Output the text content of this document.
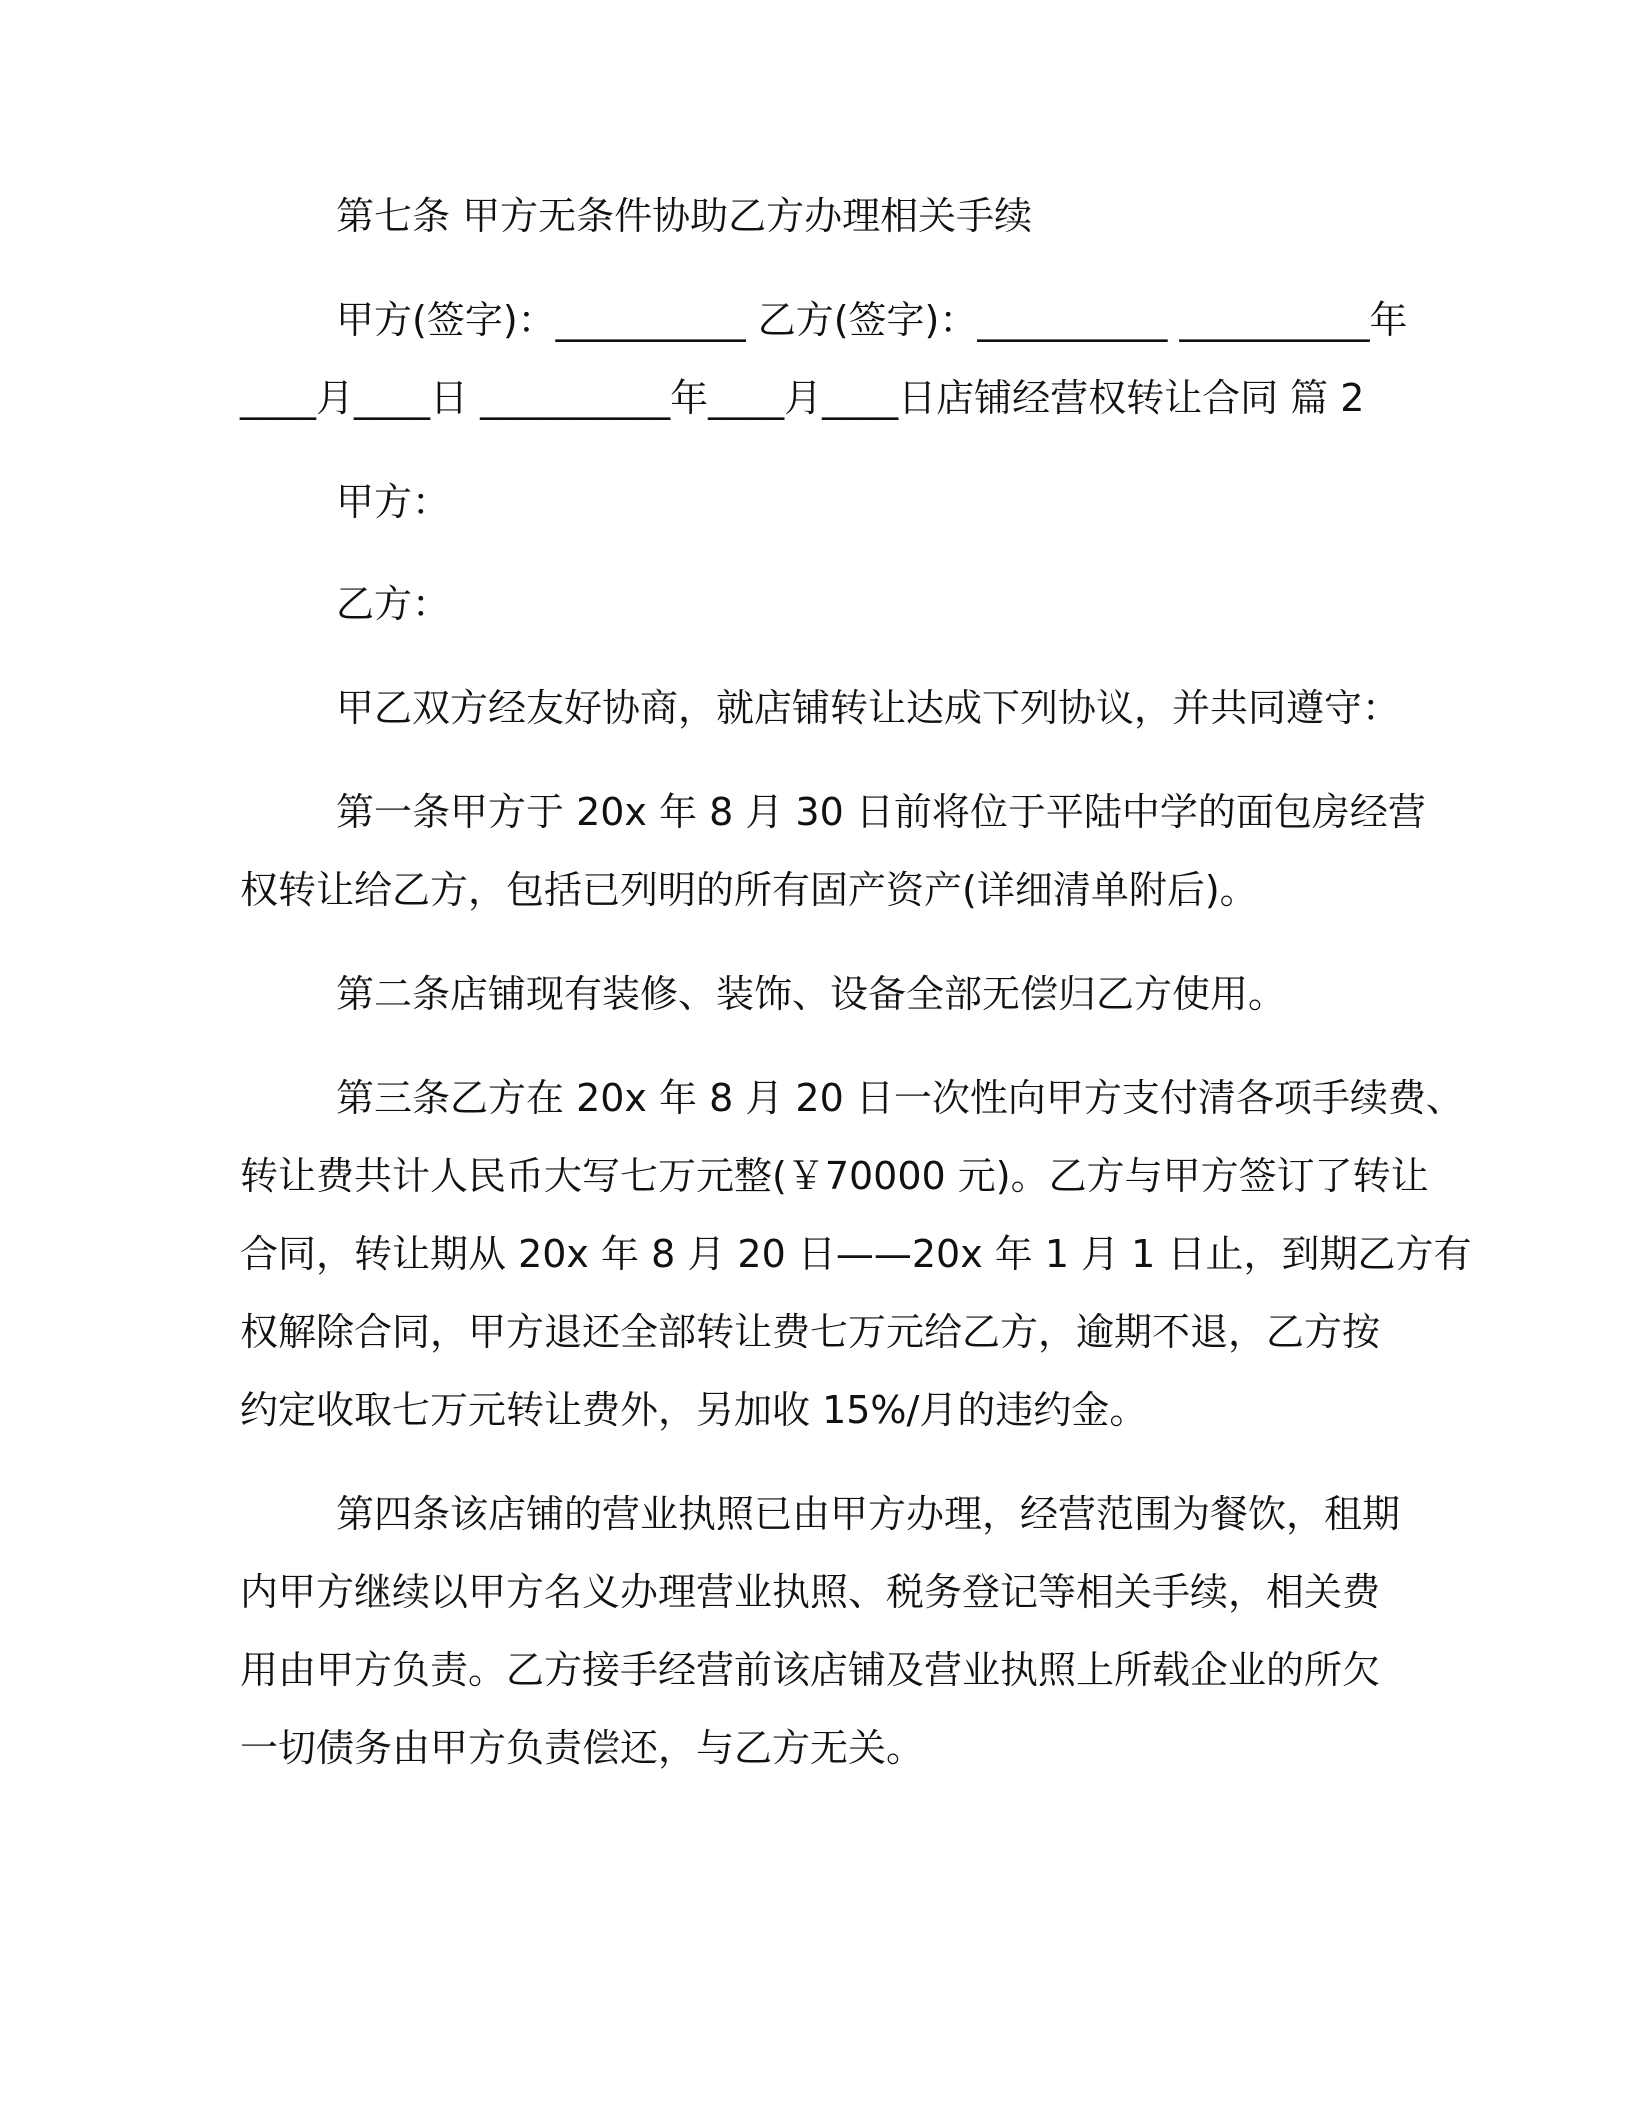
第七条 甲方无条件协助乙方办理相关手续
甲方(签字)：__________ 乙方(签字)：__________ __________年
____月____日 __________年____月____日店铺经营权转让合同 篇 2
甲方：
乙方：
甲乙双方经友好协商，就店铺转让达成下列协议，并共同遵守：
第一条甲方于 20x 年 8 月 30 日前将位于平陆中学的面包房经营
权转让给乙方，包括已列明的所有固产资产(详细清单附后)。
第二条店铺现有装修、装饰、设备全部无偿归乙方使用。
第三条乙方在 20x 年 8 月 20 日一次性向甲方支付清各项手续费、
转让费共计人民币大写七万元整(￥70000 元)。乙方与甲方签订了转让
合同，转让期从 20x 年 8 月 20 日——20x 年 1 月 1 日止，到期乙方有
权解除合同，甲方退还全部转让费七万元给乙方，逾期不退，乙方按
约定收取七万元转让费外，另加收 15%/月的违约金。
第四条该店铺的营业执照已由甲方办理，经营范围为餐饮，租期
内甲方继续以甲方名义办理营业执照、税务登记等相关手续，相关费
用由甲方负责。乙方接手经营前该店铺及营业执照上所载企业的所欠
一切债务由甲方负责偿还，与乙方无关。
